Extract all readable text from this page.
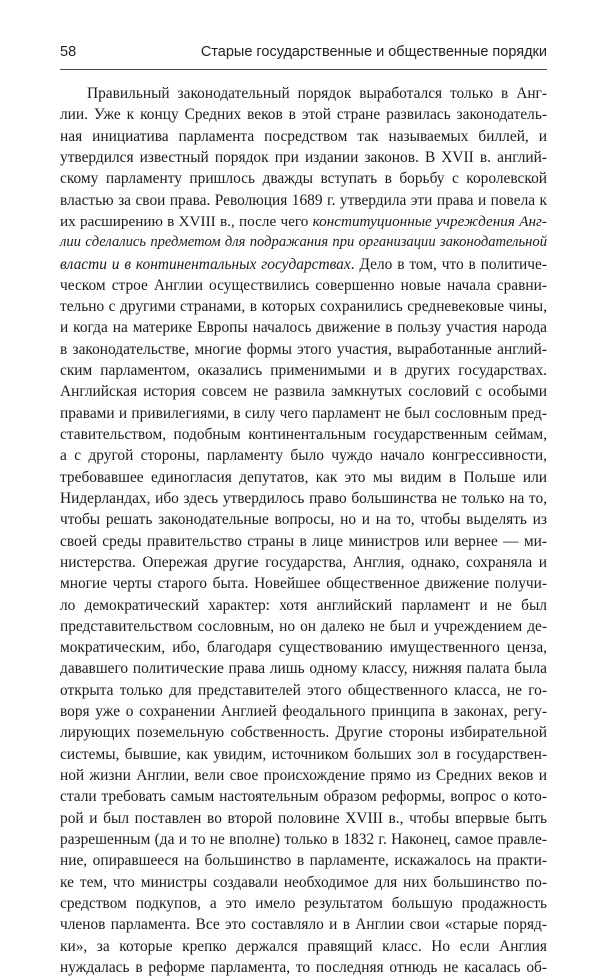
58	Старые государственные и общественные порядки
Правильный законодательный порядок выработался только в Анг-
лии. Уже к концу Средних веков в этой стране развилась законодатель-
ная инициатива парламента посредством так называемых биллей, и
утвердился известный порядок при издании законов. В XVII в. англий-
скому парламенту пришлось дважды вступать в борьбу с королевской
властью за свои права. Революция 1689 г. утвердила эти права и повела к
их расширению в XVIII в., после чего конституционные учреждения Анг-
лии сделались предметом для подражания при организации законодательной
власти и в континентальных государствах. Дело в том, что в политиче-
ческом строе Англии осуществились совершенно новые начала сравни-
тельно с другими странами, в которых сохранились средневековые чины,
и когда на материке Европы началось движение в пользу участия народа
в законодательстве, многие формы этого участия, выработанные англий-
ским парламентом, оказались применимыми и в других государствах.
Английская история совсем не развила замкнутых сословий с особыми
правами и привилегиями, в силу чего парламент не был сословным пред-
ставительством, подобным континентальным государственным сеймам,
а с другой стороны, парламенту было чуждо начало конгрессивности,
требовавшее единогласия депутатов, как это мы видим в Польше или
Нидерландах, ибо здесь утвердилось право большинства не только на то,
чтобы решать законодательные вопросы, но и на то, чтобы выделять из
своей среды правительство страны в лице министров или вернее — ми-
нистерства. Опережая другие государства, Англия, однако, сохраняла и
многие черты старого быта. Новейшее общественное движение получи-
ло демократический характер: хотя английский парламент и не был
представительством сословным, но он далеко не был и учреждением де-
мократическим, ибо, благодаря существованию имущественного ценза,
дававшего политические права лишь одному классу, нижняя палата была
открыта только для представителей этого общественного класса, не го-
воря уже о сохранении Англией феодального принципа в законах, регу-
лирующих поземельную собственность. Другие стороны избирательной
системы, бывшие, как увидим, источником больших зол в государствен-
ной жизни Англии, вели свое происхождение прямо из Средних веков и
стали требовать самым настоятельным образом реформы, вопрос о кото-
рой и был поставлен во второй половине XVIII в., чтобы впервые быть
разрешенным (да и то не вполне) только в 1832 г. Наконец, самое правле-
ние, опиравшееся на большинство в парламенте, искажалось на практи-
ке тем, что министры создавали необходимое для них большинство по-
средством подкупов, а это имело результатом большую продажность
членов парламента. Все это составляло и в Англии свои «старые поряд-
ки», за которые крепко держался правящий класс. Но если Англия
нуждалась в реформе парламента, то последняя отнюдь не касалась об-
